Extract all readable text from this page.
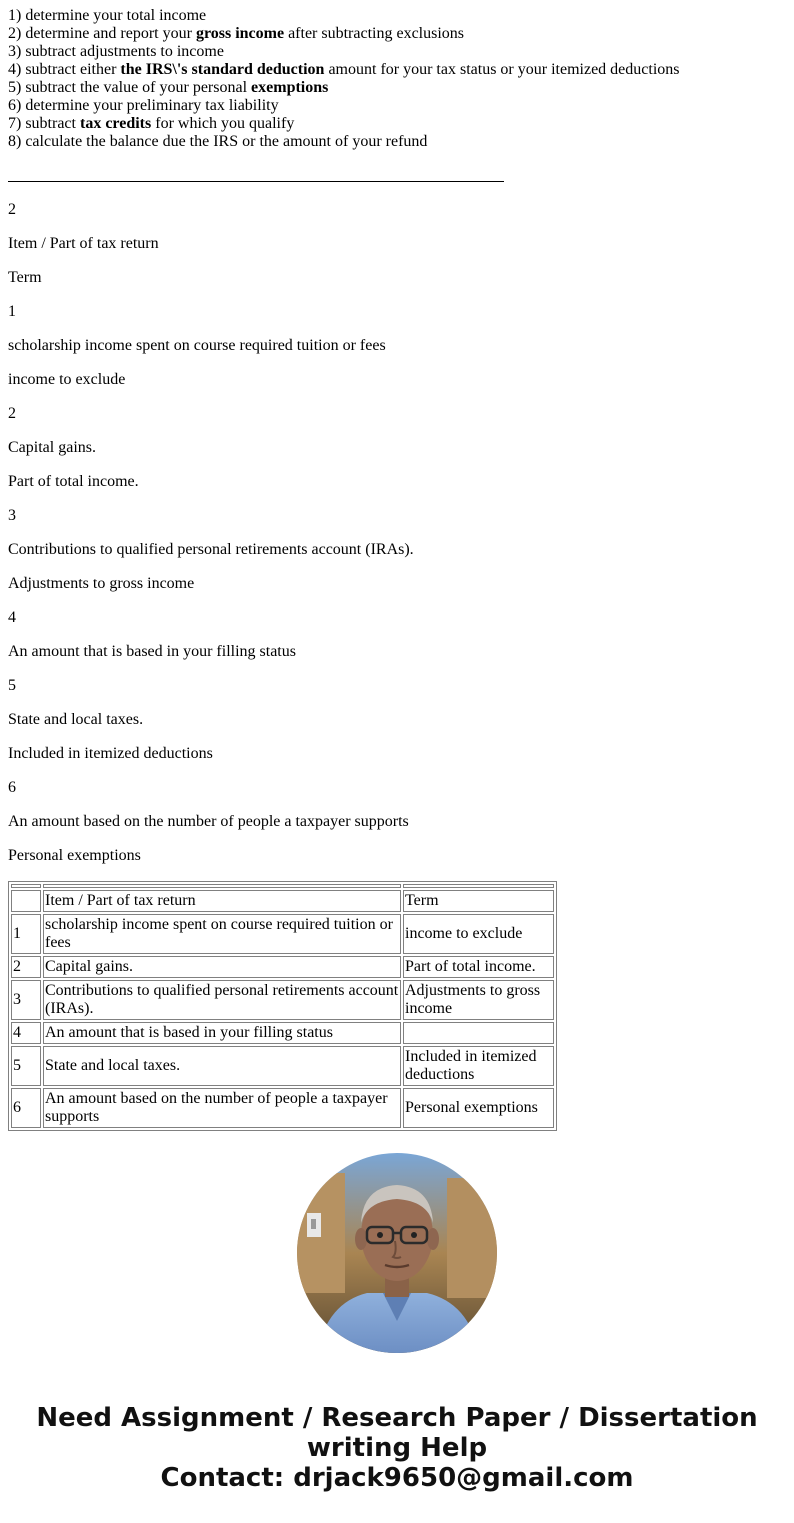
1) determine your total income
2) determine and report your gross income after subtracting exclusions
3) subtract adjustments to income
4) subtract either the IRS\'s standard deduction amount for your tax status or your itemized deductions
5) subtract the value of your personal exemptions
6) determine your preliminary tax liability
7) subtract tax credits for which you qualify
8) calculate the balance due the IRS or the amount of your refund

2

Item / Part of tax return

Term

1

scholarship income spent on course required tuition or fees

income to exclude

2

Capital gains.

Part of total income.

3

Contributions to qualified personal retirements account (IRAs).

Adjustments to gross income

4

An amount that is based in your filling status

5

State and local taxes.

Included in itemized deductions

6

An amount based on the number of people a taxpayer supports

Personal exemptions

	Item / Part of tax return	Term
1	scholarship income spent on course required tuition or fees	income to exclude
2	Capital gains.	Part of total income.
3	Contributions to qualified personal retirements account (IRAs).	Adjustments to gross income
4	An amount that is based in your filling status	
5	State and local taxes.	Included in itemized deductions
6	An amount based on the number of people a taxpayer supports	Personal exemptions
Need Assignment / Research Paper / Dissertation
writing Help
Contact: drjack9650@gmail.com
